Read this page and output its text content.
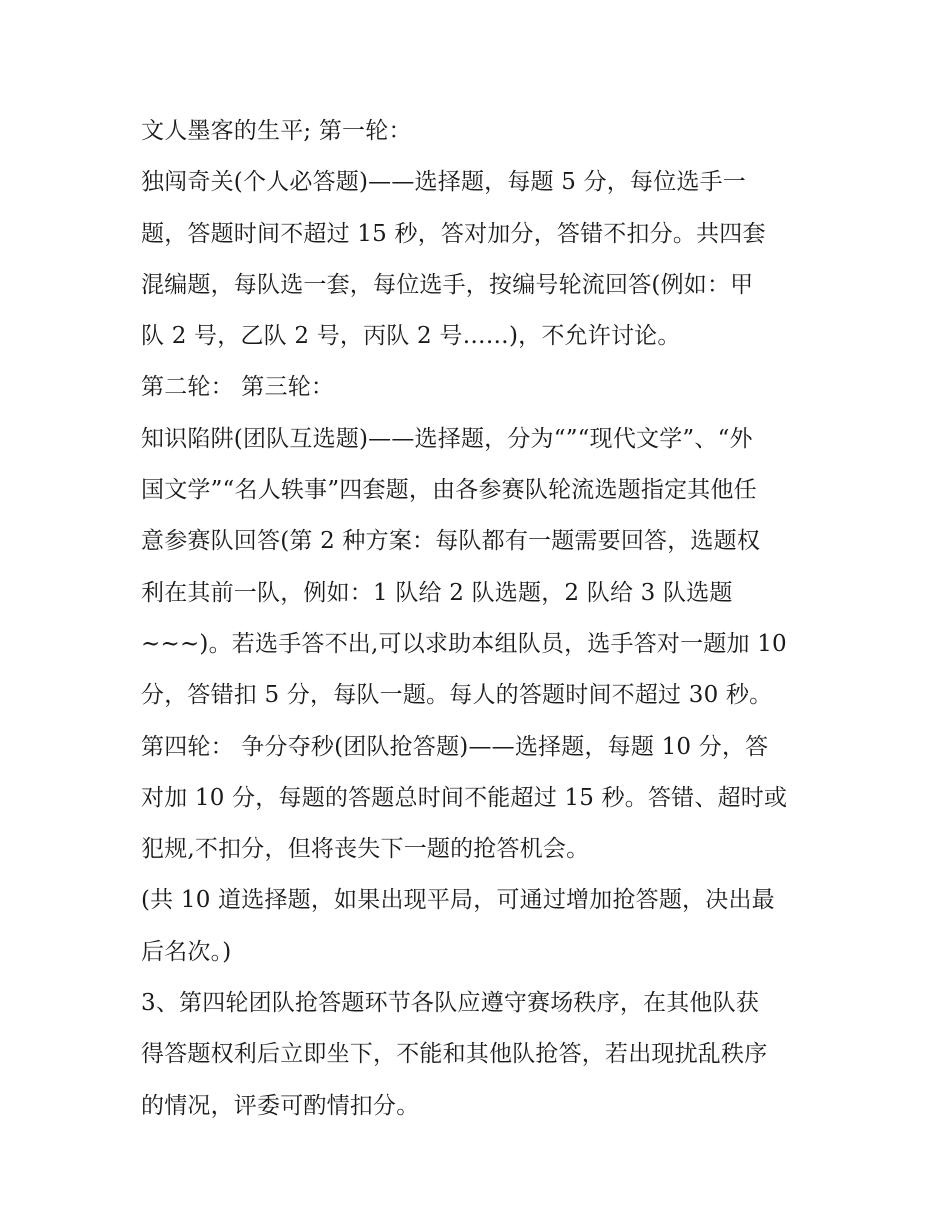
文人墨客的生平; 第一轮：
独闯奇关(个人必答题)——选择题，每题 5 分，每位选手一
题，答题时间不超过 15 秒，答对加分，答错不扣分。共四套
混编题，每队选一套，每位选手，按编号轮流回答(例如：甲
队 2 号，乙队 2 号，丙队 2 号……)，不允许讨论。
第二轮： 第三轮：
知识陷阱(团队互选题)——选择题，分为“”“现代文学”、“外
国文学”“名人轶事”四套题，由各参赛队轮流选题指定其他任
意参赛队回答(第 2 种方案：每队都有一题需要回答，选题权
利在其前一队，例如：1 队给 2 队选题，2 队给 3 队选题
~~~)。若选手答不出,可以求助本组队员，选手答对一题加 10
分，答错扣 5 分，每队一题。每人的答题时间不超过 30 秒。
第四轮： 争分夺秒(团队抢答题)——选择题，每题 10 分，答
对加 10 分，每题的答题总时间不能超过 15 秒。答错、超时或
犯规,不扣分，但将丧失下一题的抢答机会。
(共 10 道选择题，如果出现平局，可通过增加抢答题，决出最
后名次。)
3、第四轮团队抢答题环节各队应遵守赛场秩序，在其他队获
得答题权利后立即坐下，不能和其他队抢答，若出现扰乱秩序
的情况，评委可酌情扣分。
